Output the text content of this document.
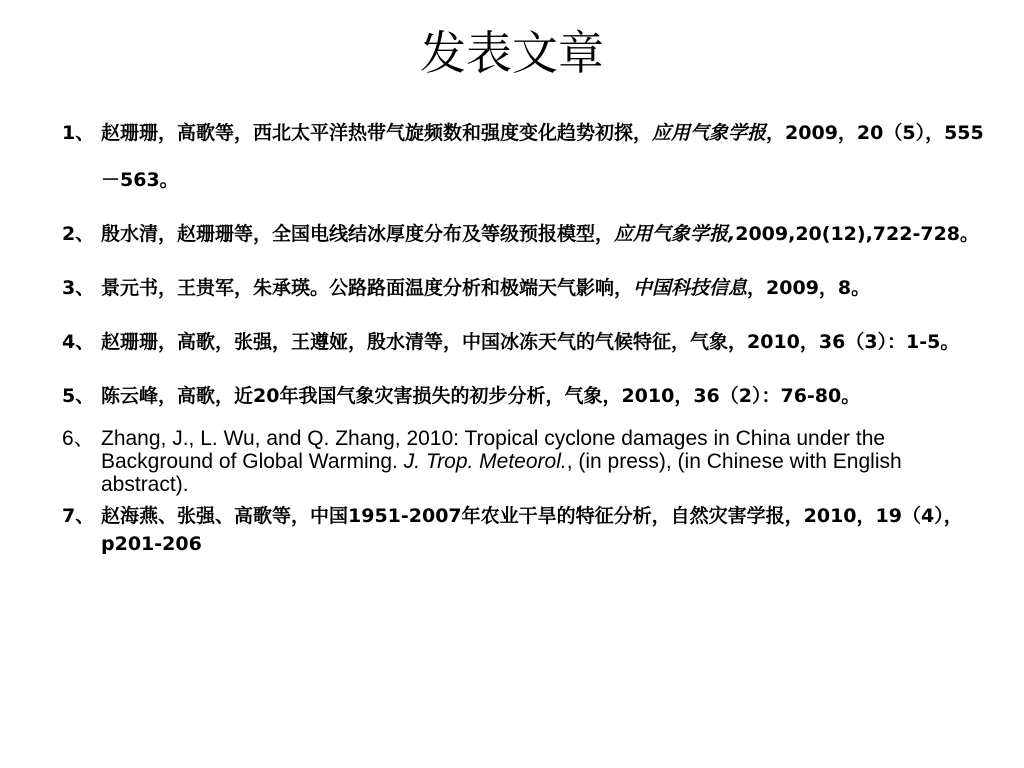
发表文章
1、 赵珊珊，高歌等，西北太平洋热带气旋频数和强度变化趋势初探，应用气象学报，2009，20（5），555－563。
2、 殷水清，赵珊珊等，全国电线结冰厚度分布及等级预报模型，应用气象学报,2009,20(12),722-728。
3、 景元书，王贵军，朱承瑛。公路路面温度分析和极端天气影响，中国科技信息，2009，8。
4、 赵珊珊，高歌，张强，王遵娅，殷水清等，中国冰冻天气的气候特征，气象，2010，36（3）：1-5。
5、 陈云峰，高歌，近20年我国气象灾害损失的初步分析，气象，2010，36（2）：76-80。
6、 Zhang, J., L. Wu, and Q. Zhang, 2010: Tropical cyclone damages in China under the Background of Global Warming. J. Trop. Meteorol., (in press), (in Chinese with English abstract).
7、 赵海燕、张强、高歌等，中国1951-2007年农业干旱的特征分析，自然灾害学报，2010，19（4），p201-206
